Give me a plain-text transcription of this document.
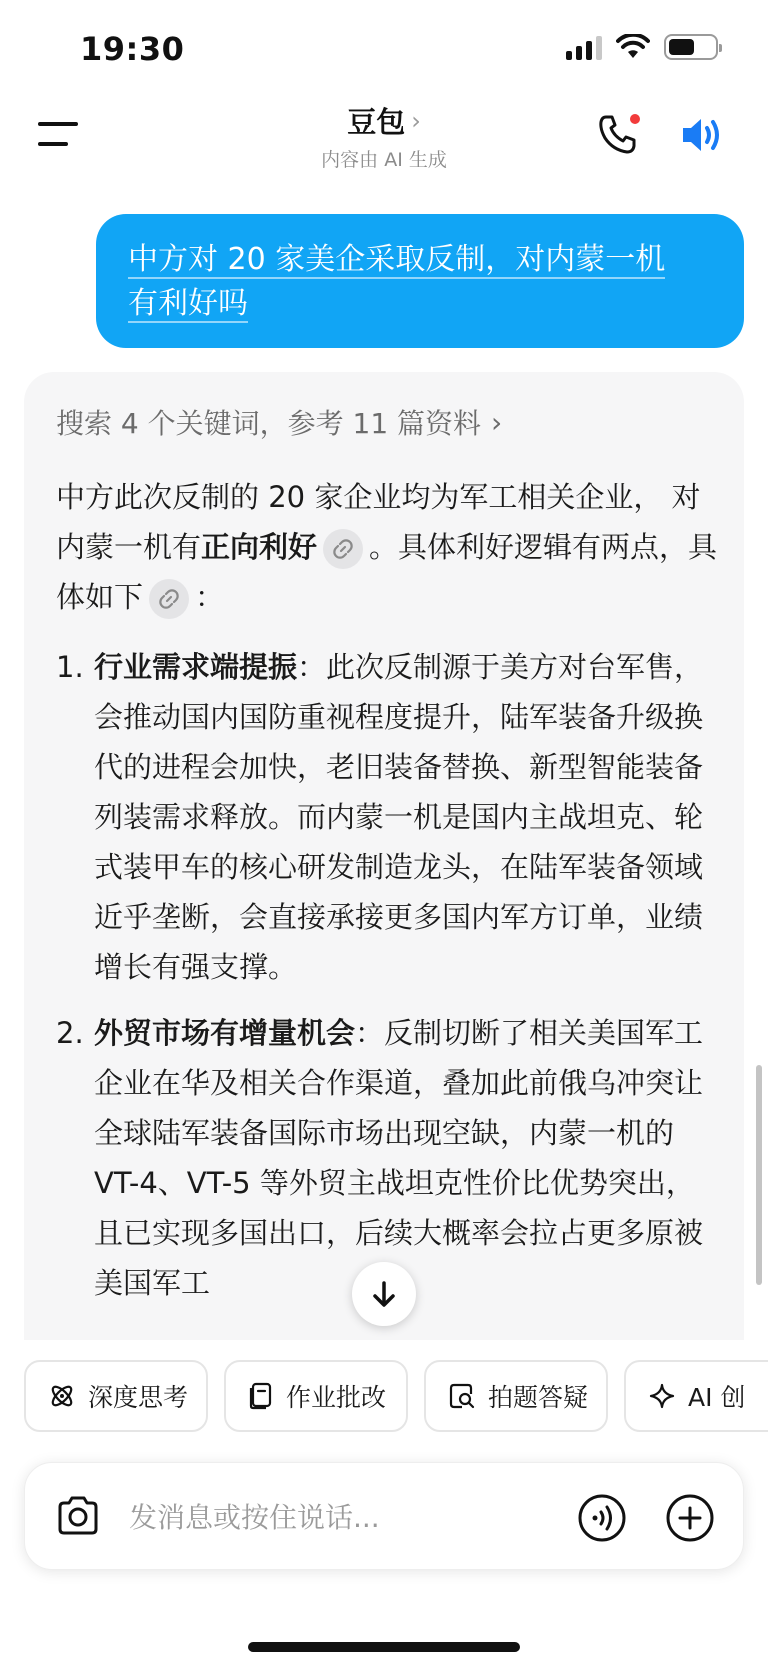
19:30
豆包 ›
内容由 AI 生成
中方对 20 家美企采取反制，对内蒙一机
有利好吗
搜索 4 个关键词，参考 11 篇资料 ›
中方此次反制的 20 家企业均为军工相关企业， 对内蒙一机有正向利好 。具体利好逻辑有两点，具体如下 ：
1. 行业需求端提振：此次反制源于美方对台军售，会推动国内国防重视程度提升，陆军装备升级换代的进程会加快，老旧装备替换、新型智能装备列装需求释放。而内蒙一机是国内主战坦克、轮式装甲车的核心研发制造龙头，在陆军装备领域近乎垄断，会直接承接更多国内军方订单，业绩增长有强支撑。
2. 外贸市场有增量机会：反制切断了相关美国军工企业在华及相关合作渠道，叠加此前俄乌冲突让全球陆军装备国际市场出现空缺，内蒙一机的 VT-4、VT-5 等外贸主战坦克性价比优势突出，且已实现多国出口，后续大概率会拉占更多原被美国军工
深度思考	作业批改	拍题答疑	AI 创
发消息或按住说话...
